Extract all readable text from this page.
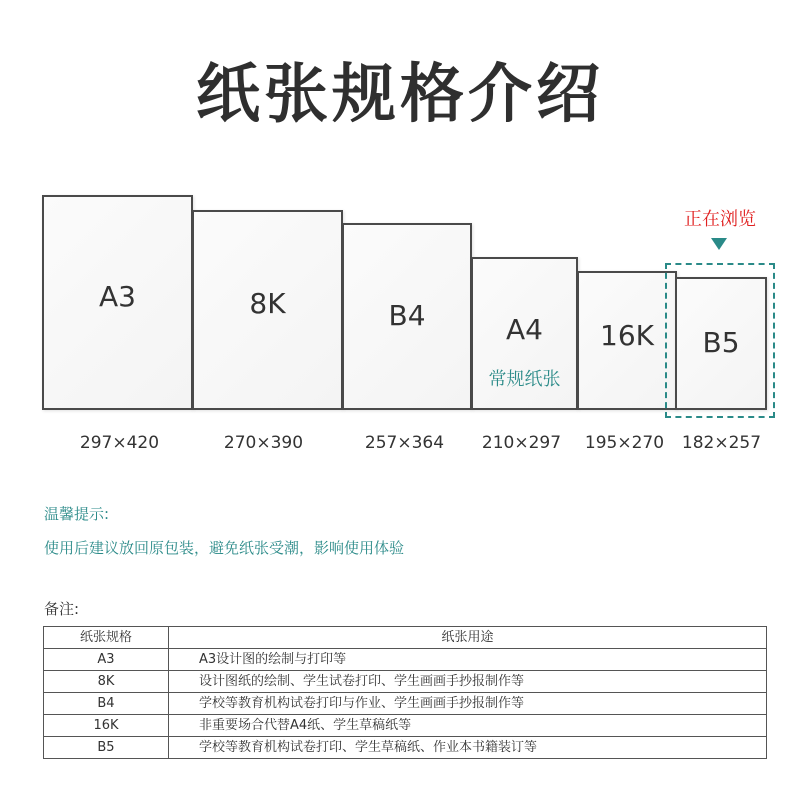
纸张规格介绍
A3	8K	B4	A4
常规纸张
16K	B5
正在浏览
297×420	270×390	257×364	210×297	195×270	182×257
温馨提示:
使用后建议放回原包装，避免纸张受潮，影响使用体验
备注:
纸张规格	纸张用途
A3	A3设计图的绘制与打印等
8K	设计图纸的绘制、学生试卷打印、学生画画手抄报制作等
B4	学校等教育机构试卷打印与作业、学生画画手抄报制作等
16K	非重要场合代替A4纸、学生草稿纸等
B5	学校等教育机构试卷打印、学生草稿纸、作业本书籍装订等
